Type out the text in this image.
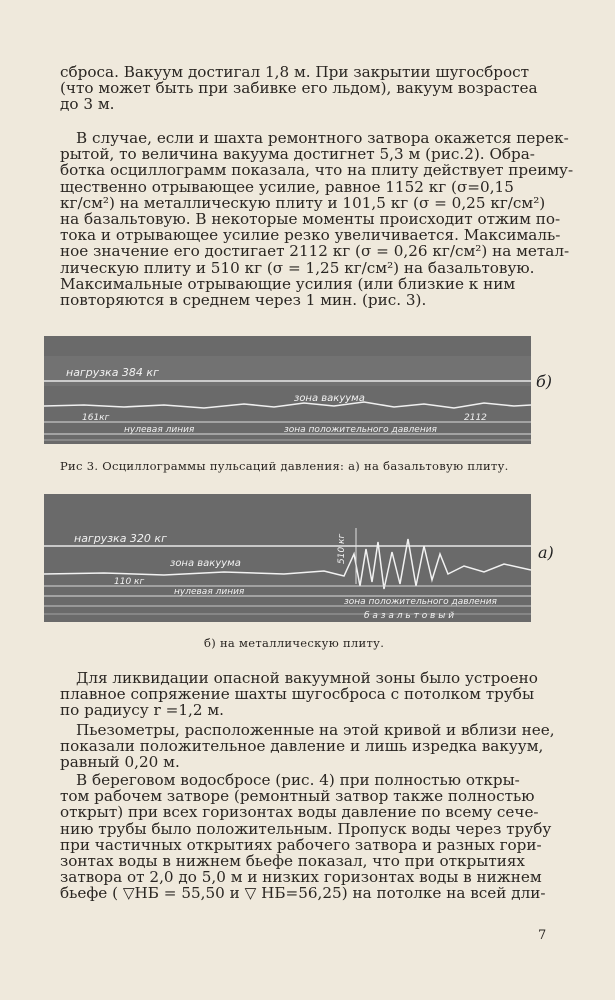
сброса. Вакуум достигал 1,8 м. При закрытии шугосброст
(что может быть при забивке его льдом), вакуум возрастеа
до 3 м.

В случае, если и шахта ремонтного затвора окажется перек-
рытой, то величина вакуума достигнет 5,3 м (рис.2). Обра-
ботка осциллограмм показала, что на плиту действует преиму-
щественно отрывающее усилие, равное 1152 кг (σ=0,15
кг/см²) на металлическую плиту и 101,5 кг (σ = 0,25 кг/см²)
на базальтовую. В некоторые моменты происходит отжим по-
тока и отрывающее усилие резко увеличивается. Максималь-
ное значение его достигает 2112 кг (σ = 0,26 кг/см²) на метал-
лическую плиту и 510 кг (σ = 1,25 кг/см²) на базальтовую.
Максимальные отрывающие усилия (или близкие к ним
повторяются в среднем через 1 мин. (рис. 3).

нагрузка 384 кг
зона вакуума
161кг	2112
нулевая линия	зона положительного давления
б)
Рис 3. Осциллограммы пульсаций давления: а) на базальтовую плиту.
нагрузка 320 кг
зона вакуума
110 кг
510 кг
нулевая линия
зона положительного давления
б а з а л ь т о в ы й
а)
б) на металлическую плиту.

Для ликвидации опасной вакуумной зоны было устроено
плавное сопряжение шахты шугосброса с потолком трубы
по радиусу r =1,2 м.

Пьезометры, расположенные на этой кривой и вблизи нее,
показали положительное давление и лишь изредка вакуум,
равный 0,20 м.

В береговом водосбросе (рис. 4) при полностью откры-
том рабочем затворе (ремонтный затвор также полностью
открыт) при всех горизонтах воды давление по всему сече-
нию трубы было положительным. Пропуск воды через трубу
при частичных открытиях рабочего затвора и разных гори-
зонтах воды в нижнем бьефе показал, что при открытиях
затвора от 2,0 до 5,0 м и низких горизонтах воды в нижнем
бьефе ( ▽НБ = 55,50 и ▽ НБ=56,25) на потолке на всей дли-

7
